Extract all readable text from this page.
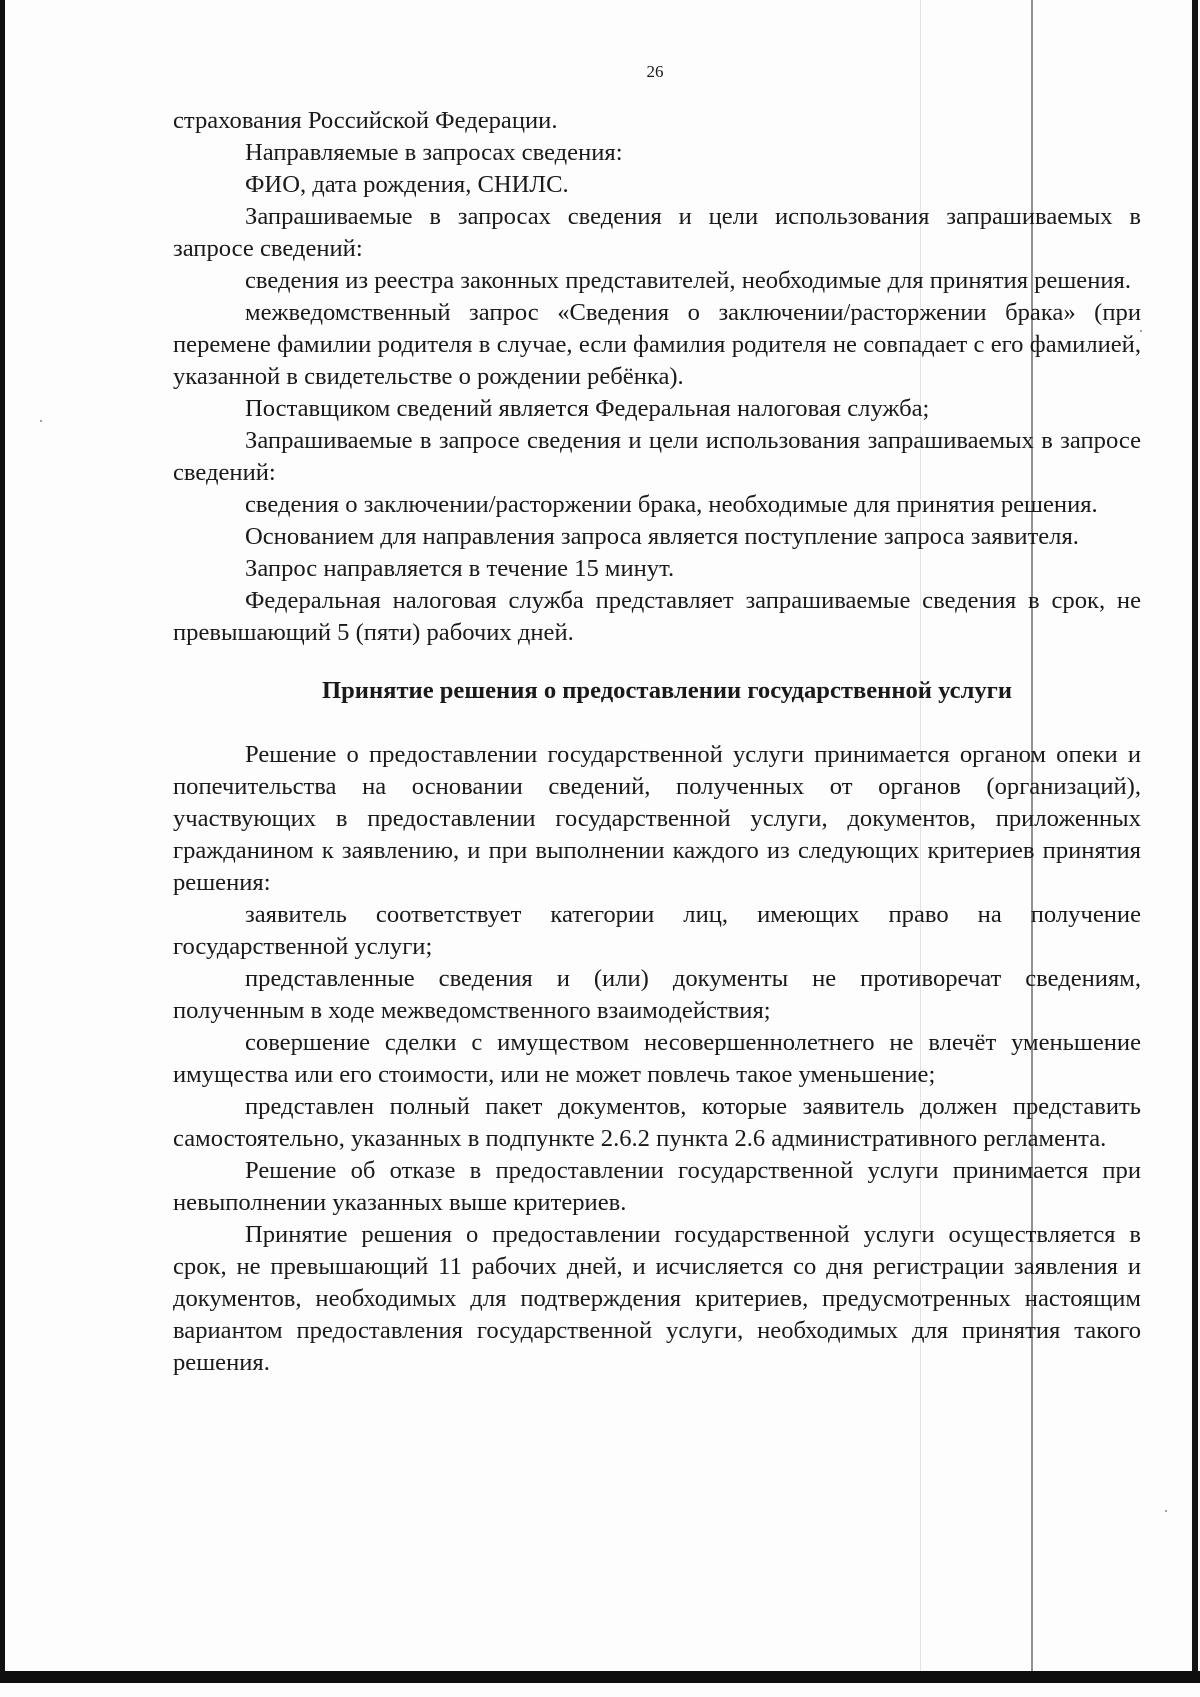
26

страхования Российской Федерации.

Направляемые в запросах сведения:

ФИО, дата рождения, СНИЛС.

Запрашиваемые в запросах сведения и цели использования запрашиваемых в запросе сведений:

сведения из реестра законных представителей, необходимые для принятия решения.

межведомственный запрос «Сведения о заключении/расторжении брака» (при перемене фамилии родителя в случае, если фамилия родителя не совпадает с его фамилией, указанной в свидетельстве о рождении ребёнка).

Поставщиком сведений является Федеральная налоговая служба;

Запрашиваемые в запросе сведения и цели использования запрашиваемых в запросе сведений:

сведения о заключении/расторжении брака, необходимые для принятия решения.

Основанием для направления запроса является поступление запроса заявителя.

Запрос направляется в течение 15 минут.

Федеральная налоговая служба представляет запрашиваемые сведения в срок, не превышающий 5 (пяти) рабочих дней.

Принятие решения о предоставлении государственной услуги

Решение о предоставлении государственной услуги принимается органом опеки и попечительства на основании сведений, полученных от органов (организаций), участвующих в предоставлении государственной услуги, документов, приложенных гражданином к заявлению, и при выполнении каждого из следующих критериев принятия решения:

заявитель соответствует категории лиц, имеющих право на получение государственной услуги;

представленные сведения и (или) документы не противоречат сведениям, полученным в ходе межведомственного взаимодействия;

совершение сделки с имуществом несовершеннолетнего не влечёт уменьшение имущества или его стоимости, или не может повлечь такое уменьшение;

представлен полный пакет документов, которые заявитель должен представить самостоятельно, указанных в подпункте 2.6.2 пункта 2.6 административного регламента.

Решение об отказе в предоставлении государственной услуги принимается при невыполнении указанных выше критериев.

Принятие решения о предоставлении государственной услуги осуществляется в срок, не превышающий 11 рабочих дней, и исчисляется со дня регистрации заявления и документов, необходимых для подтверждения критериев, предусмотренных настоящим вариантом предоставления государственной услуги, необходимых для принятия такого решения.
